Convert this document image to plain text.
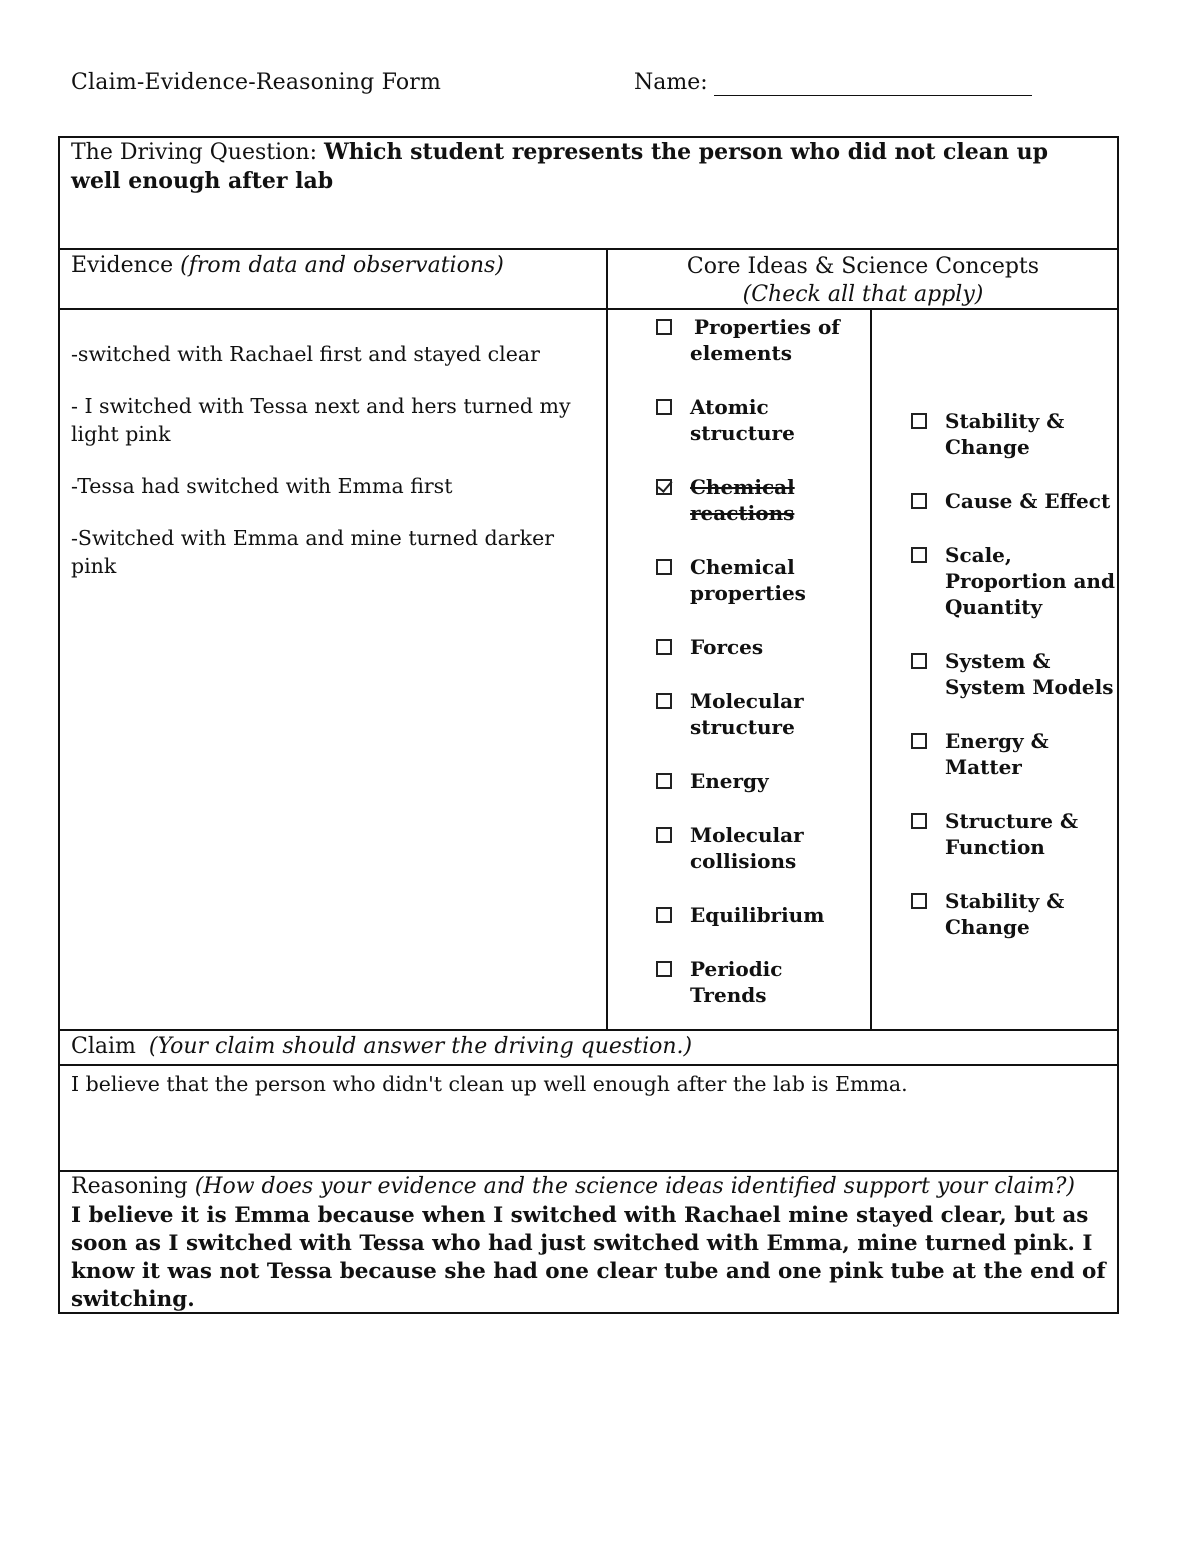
Claim-Evidence-Reasoning Form	Name:
The Driving Question: Which student represents the person who did not clean up well enough after lab
Evidence (from data and observations)	Core Ideas & Science Concepts
(Check all that apply)
-switched with Rachael first and stayed clear
- I switched with Tessa next and hers turned my light pink
-Tessa had switched with Emma first
-Switched with Emma and mine turned darker pink
Properties of
elements
Atomic
structure
Chemical
reactions
Chemical
properties
Forces
Molecular
structure
Energy
Molecular
collisions
Equilibrium
Periodic
Trends
Stability &
Change
Cause & Effect
Scale,
Proportion and
Quantity
System &
System Models
Energy &
Matter
Structure &
Function
Stability &
Change
Claim (Your claim should answer the driving question.)
I believe that the person who didn't clean up well enough after the lab is Emma.
Reasoning (How does your evidence and the science ideas identified support your claim?)
I believe it is Emma because when I switched with Rachael mine stayed clear, but as soon as I switched with Tessa who had just switched with Emma, mine turned pink. I know it was not Tessa because she had one clear tube and one pink tube at the end of switching.
